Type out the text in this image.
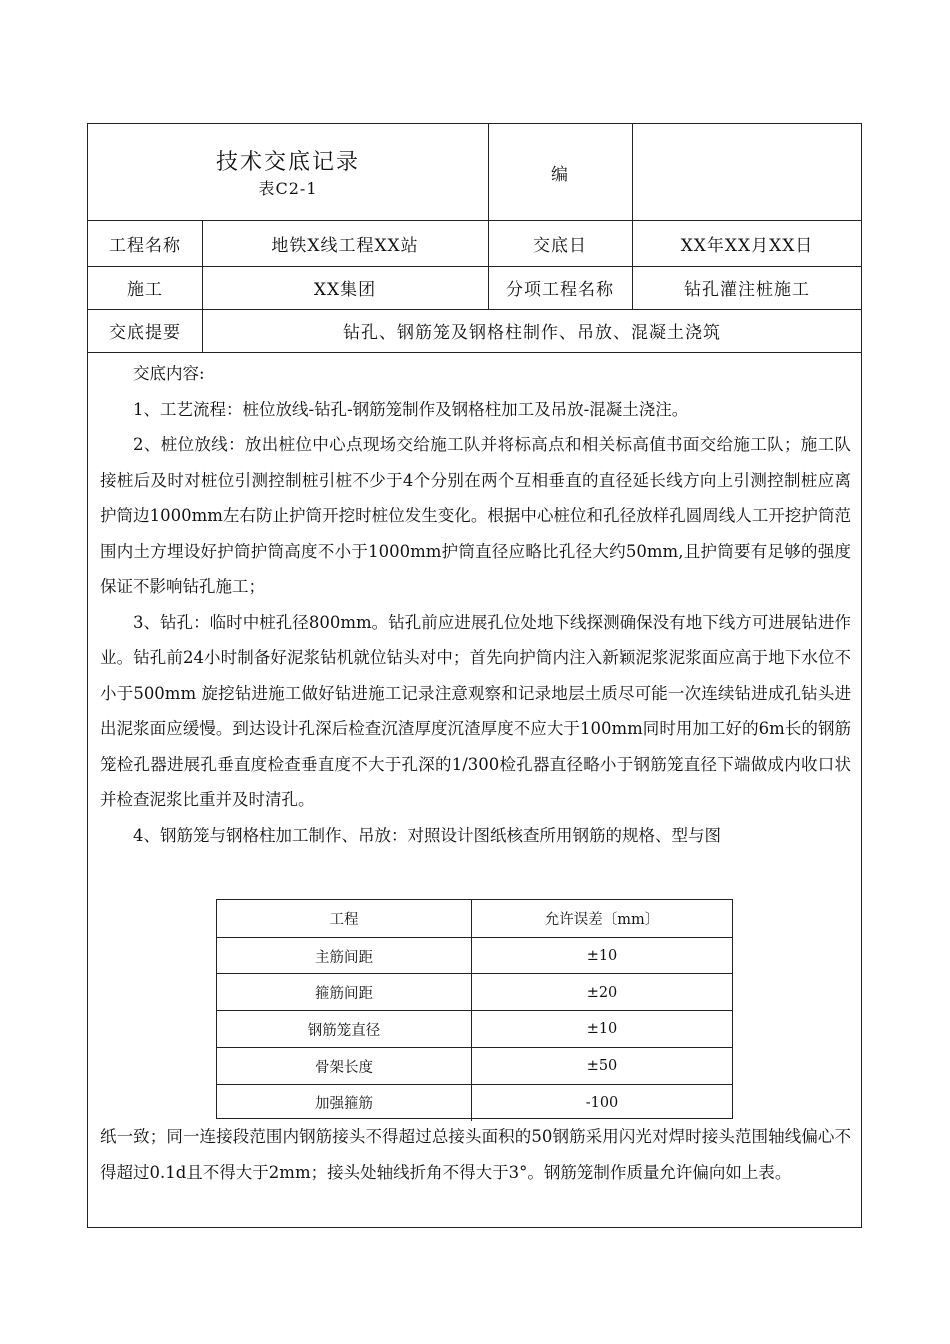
技术交底记录
表C2-1
编
工程名称	地铁X线工程XX站	交底日	XX年XX月XX日
施工	XX集团	分项工程名称	钻孔灌注桩施工
交底提要	钻孔、钢筋笼及钢格柱制作、吊放、混凝土浇筑

交底内容:

1、工艺流程：桩位放线-钻孔-钢筋笼制作及钢格柱加工及吊放-混凝土浇注。

2、桩位放线：放出桩位中心点现场交给施工队并将标高点和相关标高值书面交给施工队；施工队接桩后及时对桩位引测控制桩引桩不少于4个分别在两个互相垂直的直径延长线方向上引测控制桩应离护筒边1000mm左右防止护筒开挖时桩位发生变化。根据中心桩位和孔径放样孔圆周线人工开挖护筒范围内土方埋设好护筒护筒高度不小于1000mm护筒直径应略比孔径大约50mm,且护筒要有足够的强度保证不影响钻孔施工；

3、钻孔：临时中桩孔径800mm。钻孔前应进展孔位处地下线探测确保没有地下线方可进展钻进作业。钻孔前24小时制备好泥浆钻机就位钻头对中；首先向护筒内注入新颖泥浆泥浆面应高于地下水位不小于500mm 旋挖钻进施工做好钻进施工记录注意观察和记录地层土质尽可能一次连续钻进成孔钻头进出泥浆面应缓慢。到达设计孔深后检查沉渣厚度沉渣厚度不应大于100mm同时用加工好的6m长的钢筋笼检孔器进展孔垂直度检查垂直度不大于孔深的1/300检孔器直径略小于钢筋笼直径下端做成内收口状并检查泥浆比重并及时清孔。

4、钢筋笼与钢格柱加工制作、吊放：对照设计图纸核查所用钢筋的规格、型与图

工程	允许误差〔mm〕
主筋间距	±10
箍筋间距	±20
钢筋笼直径	±10
骨架长度	±50
加强箍筋	-100

纸一致；同一连接段范围内钢筋接头不得超过总接头面积的50钢筋采用闪光对焊时接头范围轴线偏心不得超过0.1d且不得大于2mm；接头处轴线折角不得大于3°。钢筋笼制作质量允许偏向如上表。
